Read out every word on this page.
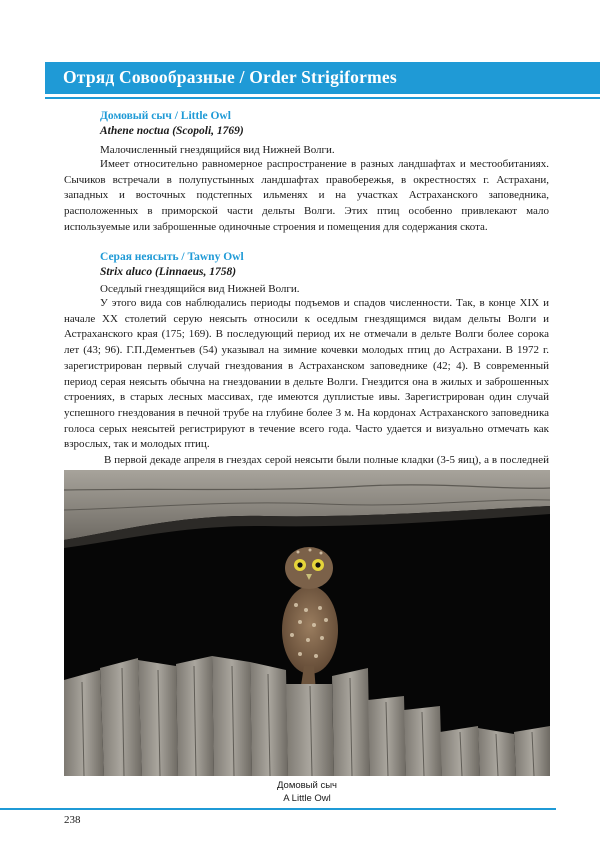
Отряд Совообразные / Order Strigiformes
Домовый сыч / Little Owl
Athene noctua (Scopoli, 1769)
Малочисленный гнездящийся вид Нижней Волги.

Имеет относительно равномерное распространение в разных ландшафтах и местообитаниях. Сычиков встречали в полупустынных ландшафтах правобережья, в окрестностях г. Астрахани, западных и восточных подстепных ильменях и на участках Астраханского заповедника, расположенных в приморской части дельты Волги. Этих птиц особенно привлекают мало используемые или заброшенные одиночные строения и помещения для содержания скота.

Серая неясыть / Tawny Owl
Strix aluco (Linnaeus, 1758)
Оседлый гнездящийся вид Нижней Волги.

У этого вида сов наблюдались периоды подъемов и спадов численности. Так, в конце XIX и начале XX столетий серую неясыть относили к оседлым гнездящимся видам дельты Волги и Астраханского края (175; 169). В последующий период их не отмечали в дельте Волги более сорока лет (43; 96). Г.П.Дементьев (54) указывал на зимние кочевки молодых птиц до Астрахани. В 1972 г. зарегистрирован первый случай гнездования в Астраханском заповеднике (42; 4). В современный период серая неясыть обычна на гнездовании в дельте Волги. Гнездится она в жилых и заброшенных строениях, в старых лесных массивах, где имеются дуплистые ивы. Зарегистрирован один случай успешного гнездования в печной трубе на глубине более 3 м. На кордонах Астраханского заповедника голоса серых неясытей регистрируют в течение всего года. Часто удается и визуально отмечать как взрослых, так и молодых птиц.

В первой декаде апреля в гнездах серой неясыти были полные кладки (3-5 яиц), а в последней

Домовый сыч
A Little Owl
238
